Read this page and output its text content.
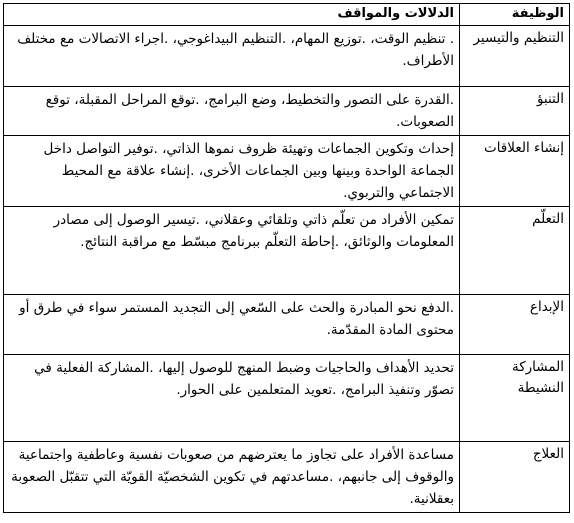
الوظيفة	الدلالات والمواقف
التنظيم والتيسير	. تنظيم الوقت، .توزيع المهام، .التنظيم البيداغوجي، .اجراء الاتصالات مع مختلف الأطراف.
التنبؤ	.القدرة على التصور والتخطيط، وضع البرامج، .توقع المراحل المقبلة، توقع الصعوبات.
إنشاء العلاقات	إحداث وتكوين الجماعات وتهيئة ظروف نموها الذاتي، .توفير التواصل داخل الجماعة الواحدة وبينها وبين الجماعات الأخرى، .إنشاء علاقة مع المحيط الاجتماعي والتربوي.
التعلّم	تمكين الأفراد من تعلّم ذاتي وتلقائي وعقلاني، .تيسير الوصول إلى مصادر المعلومات والوثائق، .إحاطة التعلّم ببرنامج مبسّط مع مراقبة النتائج.
الإبداع	.الدفع نحو المبادرة والحث على السّعي إلى التجديد المستمر سواء في طرق أو محتوى المادة المقدّمة.
المشاركة النشيطة	تحديد الأهداف والحاجيات وضبط المنهج للوصول إليها، .المشاركة الفعلية في تصوّر وتنفيذ البرامج، .تعويد المتعلمين على الحوار.
العلاج	مساعدة الأفراد على تجاوز ما يعترضهم من صعوبات نفسية وعاطفية واجتماعية والوقوف إلى جانبهم، .مساعدتهم في تكوين الشخصيّة القويّة التي تتقبّل الصعوبة بعقلانية.
